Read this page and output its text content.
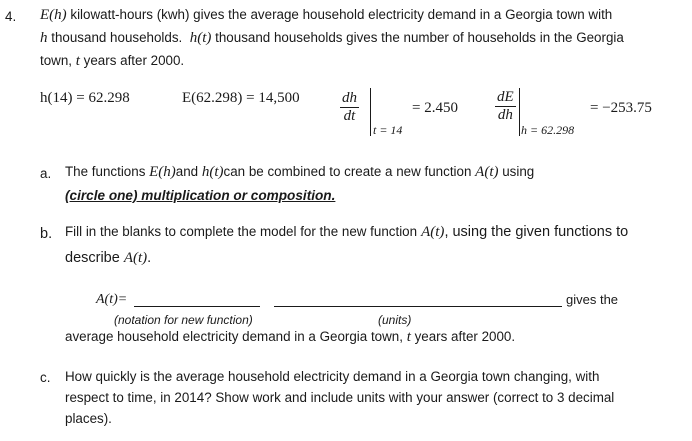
4. E(h) kilowatt-hours (kwh) gives the average household electricity demand in a Georgia town with
h thousand households. h(t) thousand households gives the number of households in the Georgia
town, t years after 2000.
h(14) = 62.298	E(62.298) = 14,500	$\frac{dh}{dt}$
t = 14
= $2.450 \frac{dE}{dh}$
h = 62.298
= −253.75
a. The functions E(h)and h(t)can be combined to create a new function A(t) using
(circle one) multiplication or composition.
b. Fill in the blanks to complete the model for the new function A(t), using the given functions to
describe A(t).
A(t)=	gives the
(notation for new function)	(units)
average household electricity demand in a Georgia town, t years after 2000.
c. How quickly is the average household electricity demand in a Georgia town changing, with
respect to time, in 2014? Show work and include units with your answer (correct to 3 decimal
places).
